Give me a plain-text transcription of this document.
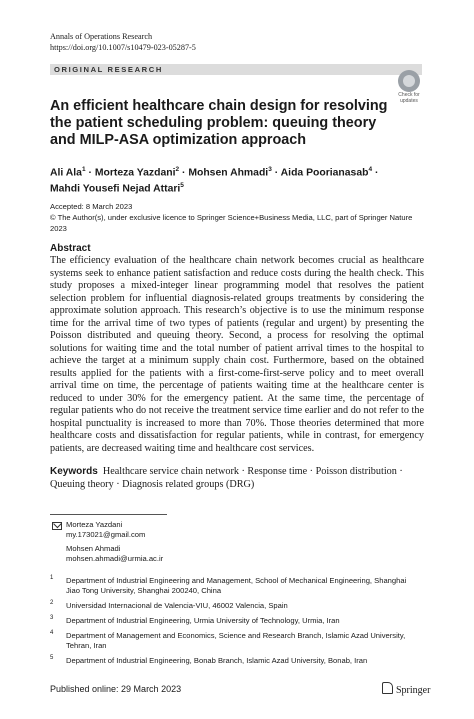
Annals of Operations Research
https://doi.org/10.1007/s10479-023-05287-5
ORIGINAL RESEARCH
Check for
updates
An efficient healthcare chain design for resolving the patient scheduling problem: queuing theory and MILP-ASA optimization approach
Ali Ala$^1$ · Morteza Yazdani$^2$ · Mohsen Ahmadi$^3$ · Aida Poorianasab$^4$ ·
Mahdi Yousefi Nejad Attari$^5$
Accepted: 8 March 2023
© The Author(s), under exclusive licence to Springer Science+Business Media, LLC, part of Springer Nature 2023
Abstract
The efficiency evaluation of the healthcare chain network becomes crucial as healthcare systems seek to enhance patient satisfaction and reduce costs during the health check. This study proposes a mixed-integer linear programming model that resolves the patient selection problem for influential diagnosis-related groups treatments by considering the approximate solution approach. This research’s objective is to use the minimum response time for the arrival time of two types of patients (regular and urgent) by presenting the Poisson distributed and queuing theory. Second, a process for resolving the optimal solutions for waiting time and the total number of patient arrival times to the hospital to achieve the target at a minimum supply chain cost. Furthermore, based on the obtained results applied for the patients with a first-come-first-serve policy and to meet overall arrival time on time, the percentage of patients waiting time at the healthcare center is reduced to under 30% for the emergency patient. At the same time, the percentage of regular patients who do not receive the treatment service time earlier and do not refer to the hospital punctuality is increased to more than 70%. Those theories determined that more healthcare costs and dissatisfaction for regular patients, while in contrast, for emergency patients, are decreased waiting time and healthcare cost services.
Keywords Healthcare service chain network · Response time · Poisson distribution · Queuing theory · Diagnosis related groups (DRG)
Morteza Yazdani
my.173021@gmail.com
Mohsen Ahmadi
mohsen.ahmadi@urmia.ac.ir
1 Department of Industrial Engineering and Management, School of Mechanical Engineering, Shanghai Jiao Tong University, Shanghai 200240, China
2 Universidad Internacional de Valencia-VIU, 46002 Valencia, Spain
3 Department of Industrial Engineering, Urmia University of Technology, Urmia, Iran
4 Department of Management and Economics, Science and Research Branch, Islamic Azad University, Tehran, Iran
5 Department of Industrial Engineering, Bonab Branch, Islamic Azad University, Bonab, Iran
Published online: 29 March 2023	Springer
